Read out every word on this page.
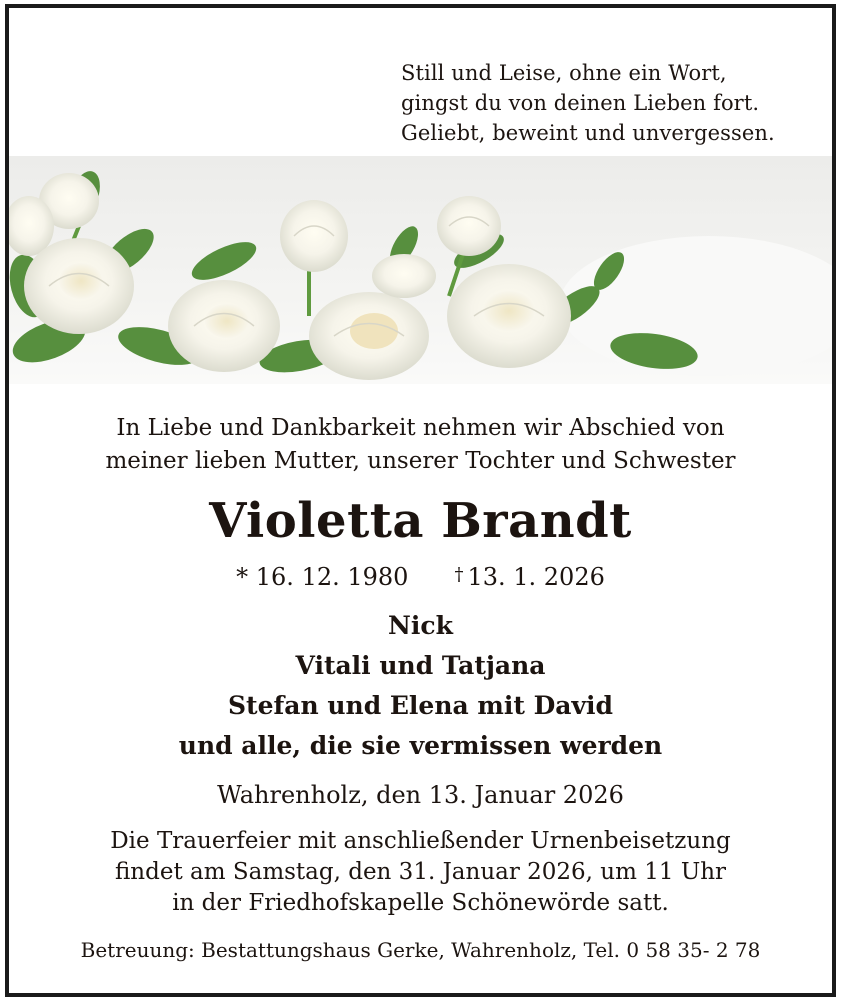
Still und Leise, ohne ein Wort,
gingst du von deinen Lieben fort.
Geliebt, beweint und unvergessen.
In Liebe und Dankbarkeit nehmen wir Abschied von
meiner lieben Mutter, unserer Tochter und Schwester
Violetta Brandt
* 16. 12. 1980	† 13. 1. 2026
Nick
Vitali und Tatjana
Stefan und Elena mit David
und alle, die sie vermissen werden
Wahrenholz, den 13. Januar 2026
Die Trauerfeier mit anschließender Urnenbeisetzung
findet am Samstag, den 31. Januar 2026, um 11 Uhr
in der Friedhofskapelle Schönewörde satt.
Betreuung: Bestattungshaus Gerke, Wahrenholz, Tel. 0 58 35- 2 78
